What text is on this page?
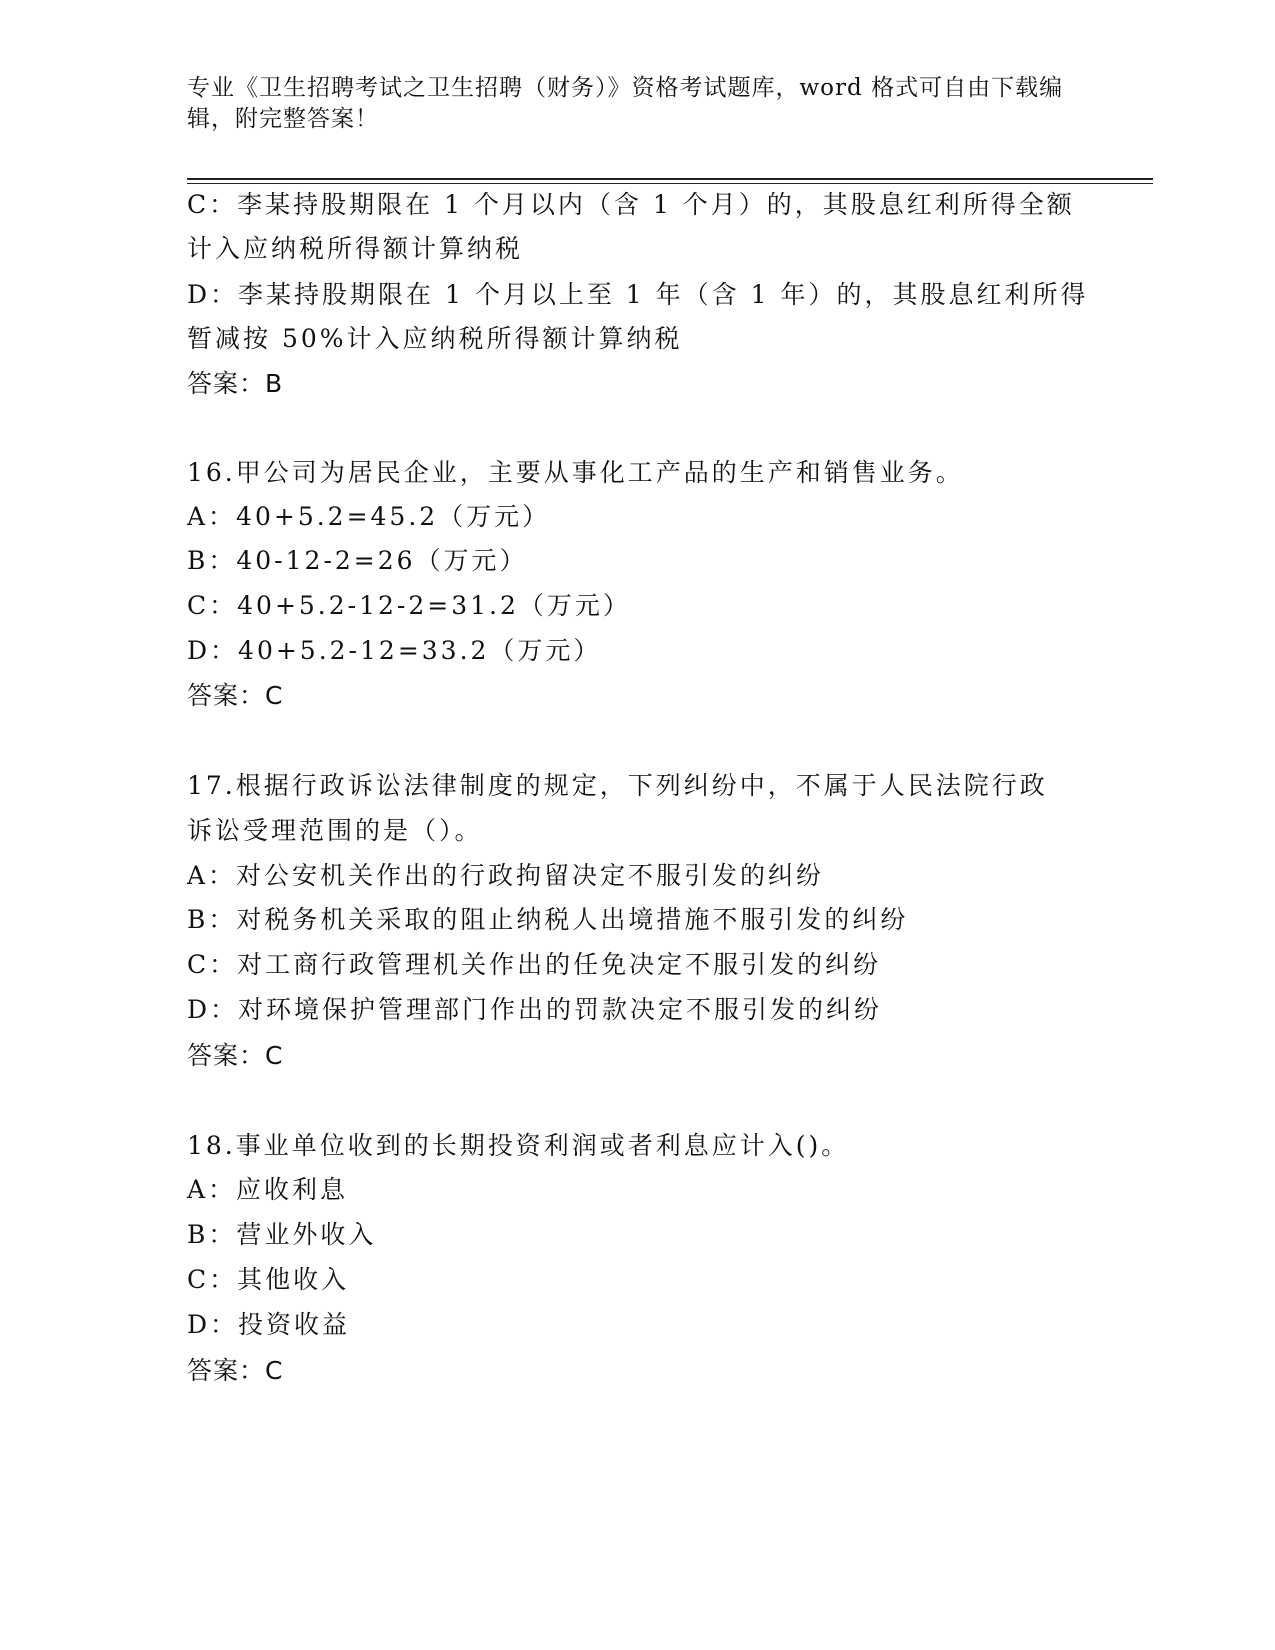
专业《卫生招聘考试之卫生招聘（财务）》资格考试题库，word 格式可自由下载编辑，附完整答案！
C：李某持股期限在 1 个月以内（含 1 个月）的，其股息红利所得全额
计入应纳税所得额计算纳税
D：李某持股期限在 1 个月以上至 1 年（含 1 年）的，其股息红利所得
暂减按 50%计入应纳税所得额计算纳税
答案：B
16.甲公司为居民企业，主要从事化工产品的生产和销售业务。
A：40+5.2=45.2（万元）
B：40-12-2=26（万元）
C：40+5.2-12-2=31.2（万元）
D：40+5.2-12=33.2（万元）
答案：C
17.根据行政诉讼法律制度的规定，下列纠纷中，不属于人民法院行政
诉讼受理范围的是（）。
A：对公安机关作出的行政拘留决定不服引发的纠纷
B：对税务机关采取的阻止纳税人出境措施不服引发的纠纷
C：对工商行政管理机关作出的任免决定不服引发的纠纷
D：对环境保护管理部门作出的罚款决定不服引发的纠纷
答案：C
18.事业单位收到的长期投资利润或者利息应计入()。
A：应收利息
B：营业外收入
C：其他收入
D：投资收益
答案：C
